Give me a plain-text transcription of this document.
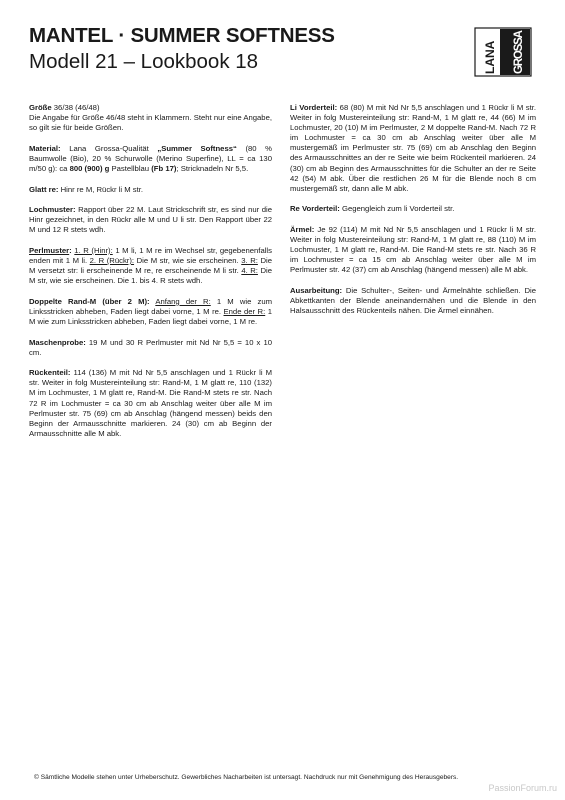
MANTEL · SUMMER SOFTNESS
Modell 21 – Lookbook 18	LANA GROSSA

Größe 36/38 (46/48)
Die Angabe für Größe 46/48 steht in Klammern. Steht nur eine Angabe, so gilt sie für beide Größen.

Material: Lana Grossa-Qualität „Summer Softness“ (80 % Baumwolle (Bio), 20 % Schurwolle (Merino Superfine), LL = ca 130 m/50 g): ca 800 (900) g Pastellblau (Fb 17); Stricknadeln Nr 5,5.

Glatt re: Hinr re M, Rückr li M str.

Lochmuster: Rapport über 22 M. Laut Strickschrift str, es sind nur die Hinr gezeichnet, in den Rückr alle M und U li str. Den Rapport über 22 M und 12 R stets wdh.

Perlmuster: 1. R (Hinr): 1 M li, 1 M re im Wechsel str, gegebenenfalls enden mit 1 M li. 2. R (Rückr): Die M str, wie sie erscheinen. 3. R: Die M versetzt str: li erscheinende M re, re erscheinende M li str. 4. R: Die M str, wie sie erscheinen. Die 1. bis 4. R stets wdh.

Doppelte Rand-M (über 2 M): Anfang der R: 1 M wie zum Linksstricken abheben, Faden liegt dabei vorne, 1 M re. Ende der R: 1 M wie zum Linksstricken abheben, Faden liegt dabei vorne, 1 M re.

Maschenprobe: 19 M und 30 R Perlmuster mit Nd Nr 5,5 = 10 x 10 cm.

Rückenteil: 114 (136) M mit Nd Nr 5,5 anschlagen und 1 Rückr li M str. Weiter in folg Mustereinteilung str: Rand-M, 1 M glatt re, 110 (132) M im Lochmuster, 1 M glatt re, Rand-M. Die Rand-M stets re str. Nach 72 R im Lochmuster = ca 30 cm ab Anschlag weiter über alle M im Perlmuster str. 75 (69) cm ab Anschlag (hängend messen) beids den Beginn der Armausschnitte markieren. 24 (30) cm ab Beginn der Armausschnitte alle M abk.

Li Vorderteil: 68 (80) M mit Nd Nr 5,5 anschlagen und 1 Rückr li M str. Weiter in folg Mustereinteilung str: Rand-M, 1 M glatt re, 44 (66) M im Lochmuster, 20 (10) M im Perlmuster, 2 M doppelte Rand-M. Nach 72 R im Lochmuster = ca 30 cm ab Anschlag weiter über alle M mustergemäß im Perlmuster str. 75 (69) cm ab Anschlag den Beginn des Armausschnittes an der re Seite wie beim Rückenteil markieren. 24 (30) cm ab Beginn des Armausschnittes für die Schulter an der re Seite 42 (54) M abk. Über die restlichen 26 M für die Blende noch 8 cm mustergemäß str, dann alle M abk.

Re Vorderteil: Gegengleich zum li Vorderteil str.

Ärmel: Je 92 (114) M mit Nd Nr 5,5 anschlagen und 1 Rückr li M str. Weiter in folg Mustereinteilung str: Rand-M, 1 M glatt re, 88 (110) M im Lochmuster, 1 M glatt re, Rand-M. Die Rand-M stets re str. Nach 36 R im Lochmuster = ca 15 cm ab Anschlag weiter über alle M im Perlmuster str. 42 (37) cm ab Anschlag (hängend messen) alle M abk.

Ausarbeitung: Die Schulter-, Seiten- und Ärmelnähte schließen. Die Abkettkanten der Blende aneinandernähen und die Blende in den Halsausschnitt des Rückenteils nähen. Die Ärmel einnähen.

© Sämtliche Modelle stehen unter Urheberschutz. Gewerbliches Nacharbeiten ist untersagt. Nachdruck nur mit Genehmigung des Herausgebers.
PassionForum.ru
